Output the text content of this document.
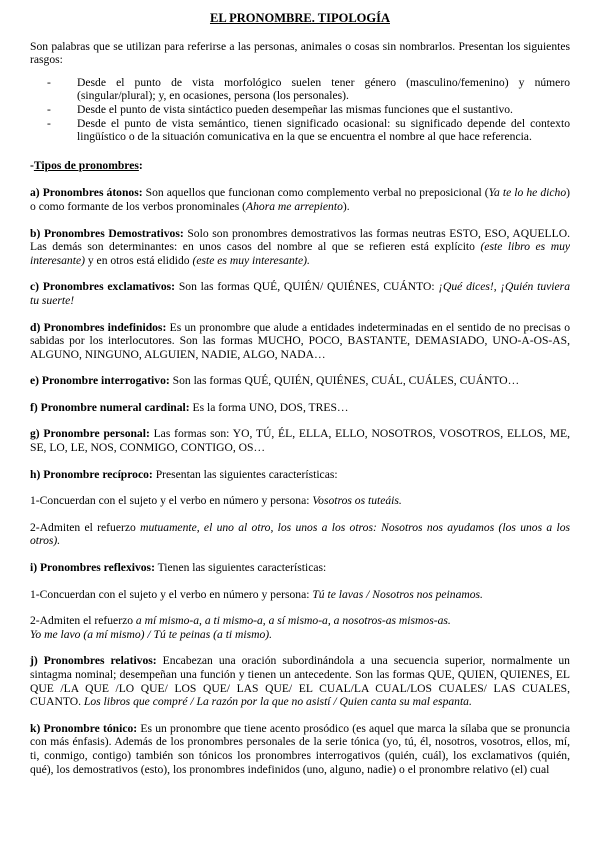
EL PRONOMBRE. TIPOLOGÍA

Son palabras que se utilizan para referirse a las personas, animales o cosas sin nombrarlos. Presentan los siguientes rasgos:

- Desde el punto de vista morfológico suelen tener género (masculino/femenino) y número (singular/plural); y, en ocasiones, persona (los personales).
- Desde el punto de vista sintáctico pueden desempeñar las mismas funciones que el sustantivo.
- Desde el punto de vista semántico, tienen significado ocasional: su significado depende del contexto lingüístico o de la situación comunicativa en la que se encuentra el nombre al que hace referencia.

-Tipos de pronombres:

a) Pronombres átonos: Son aquellos que funcionan como complemento verbal no preposicional (Ya te lo he dicho) o como formante de los verbos pronominales (Ahora me arrepiento).

b) Pronombres Demostrativos: Solo son pronombres demostrativos las formas neutras ESTO, ESO, AQUELLO. Las demás son determinantes: en unos casos del nombre al que se refieren está explícito (este libro es muy interesante) y en otros está elidido (este es muy interesante).

c) Pronombres exclamativos: Son las formas QUÉ, QUIÉN/ QUIÉNES, CUÁNTO: ¡Qué dices!, ¡Quién tuviera tu suerte!

d) Pronombres indefinidos: Es un pronombre que alude a entidades indeterminadas en el sentido de no precisas o sabidas por los interlocutores. Son las formas MUCHO, POCO, BASTANTE, DEMASIADO, UNO-A-OS-AS, ALGUNO, NINGUNO, ALGUIEN, NADIE, ALGO, NADA…

e) Pronombre interrogativo: Son las formas QUÉ, QUIÉN, QUIÉNES, CUÁL, CUÁLES, CUÁNTO…

f) Pronombre numeral cardinal: Es la forma UNO, DOS, TRES…

g) Pronombre personal: Las formas son: YO, TÚ, ÉL, ELLA, ELLO, NOSOTROS, VOSOTROS, ELLOS, ME, SE, LO, LE, NOS, CONMIGO, CONTIGO, OS…

h) Pronombre recíproco: Presentan las siguientes características:

1-Concuerdan con el sujeto y el verbo en número y persona: Vosotros os tuteáis.

2-Admiten el refuerzo mutuamente, el uno al otro, los unos a los otros: Nosotros nos ayudamos (los unos a los otros).

i) Pronombres reflexivos: Tienen las siguientes características:

1-Concuerdan con el sujeto y el verbo en número y persona: Tú te lavas / Nosotros nos peinamos.

2-Admiten el refuerzo a mí mismo-a, a ti mismo-a, a sí mismo-a, a nosotros-as mismos-as.
Yo me lavo (a mí mismo) / Tú te peinas (a ti mismo).

j) Pronombres relativos: Encabezan una oración subordinándola a una secuencia superior, normalmente un sintagma nominal; desempeñan una función y tienen un antecedente. Son las formas QUE, QUIEN, QUIENES, EL QUE /LA QUE /LO QUE/ LOS QUE/ LAS QUE/ EL CUAL/LA CUAL/LOS CUALES/ LAS CUALES, CUANTO. Los libros que compré / La razón por la que no asistí / Quien canta su mal espanta.

k) Pronombre tónico: Es un pronombre que tiene acento prosódico (es aquel que marca la sílaba que se pronuncia con más énfasis). Además de los pronombres personales de la serie tónica (yo, tú, él, nosotros, vosotros, ellos, mí, ti, conmigo, contigo) también son tónicos los pronombres interrogativos (quién, cuál), los exclamativos (quién, qué), los demostrativos (esto), los pronombres indefinidos (uno, alguno, nadie) o el pronombre relativo (el) cual
